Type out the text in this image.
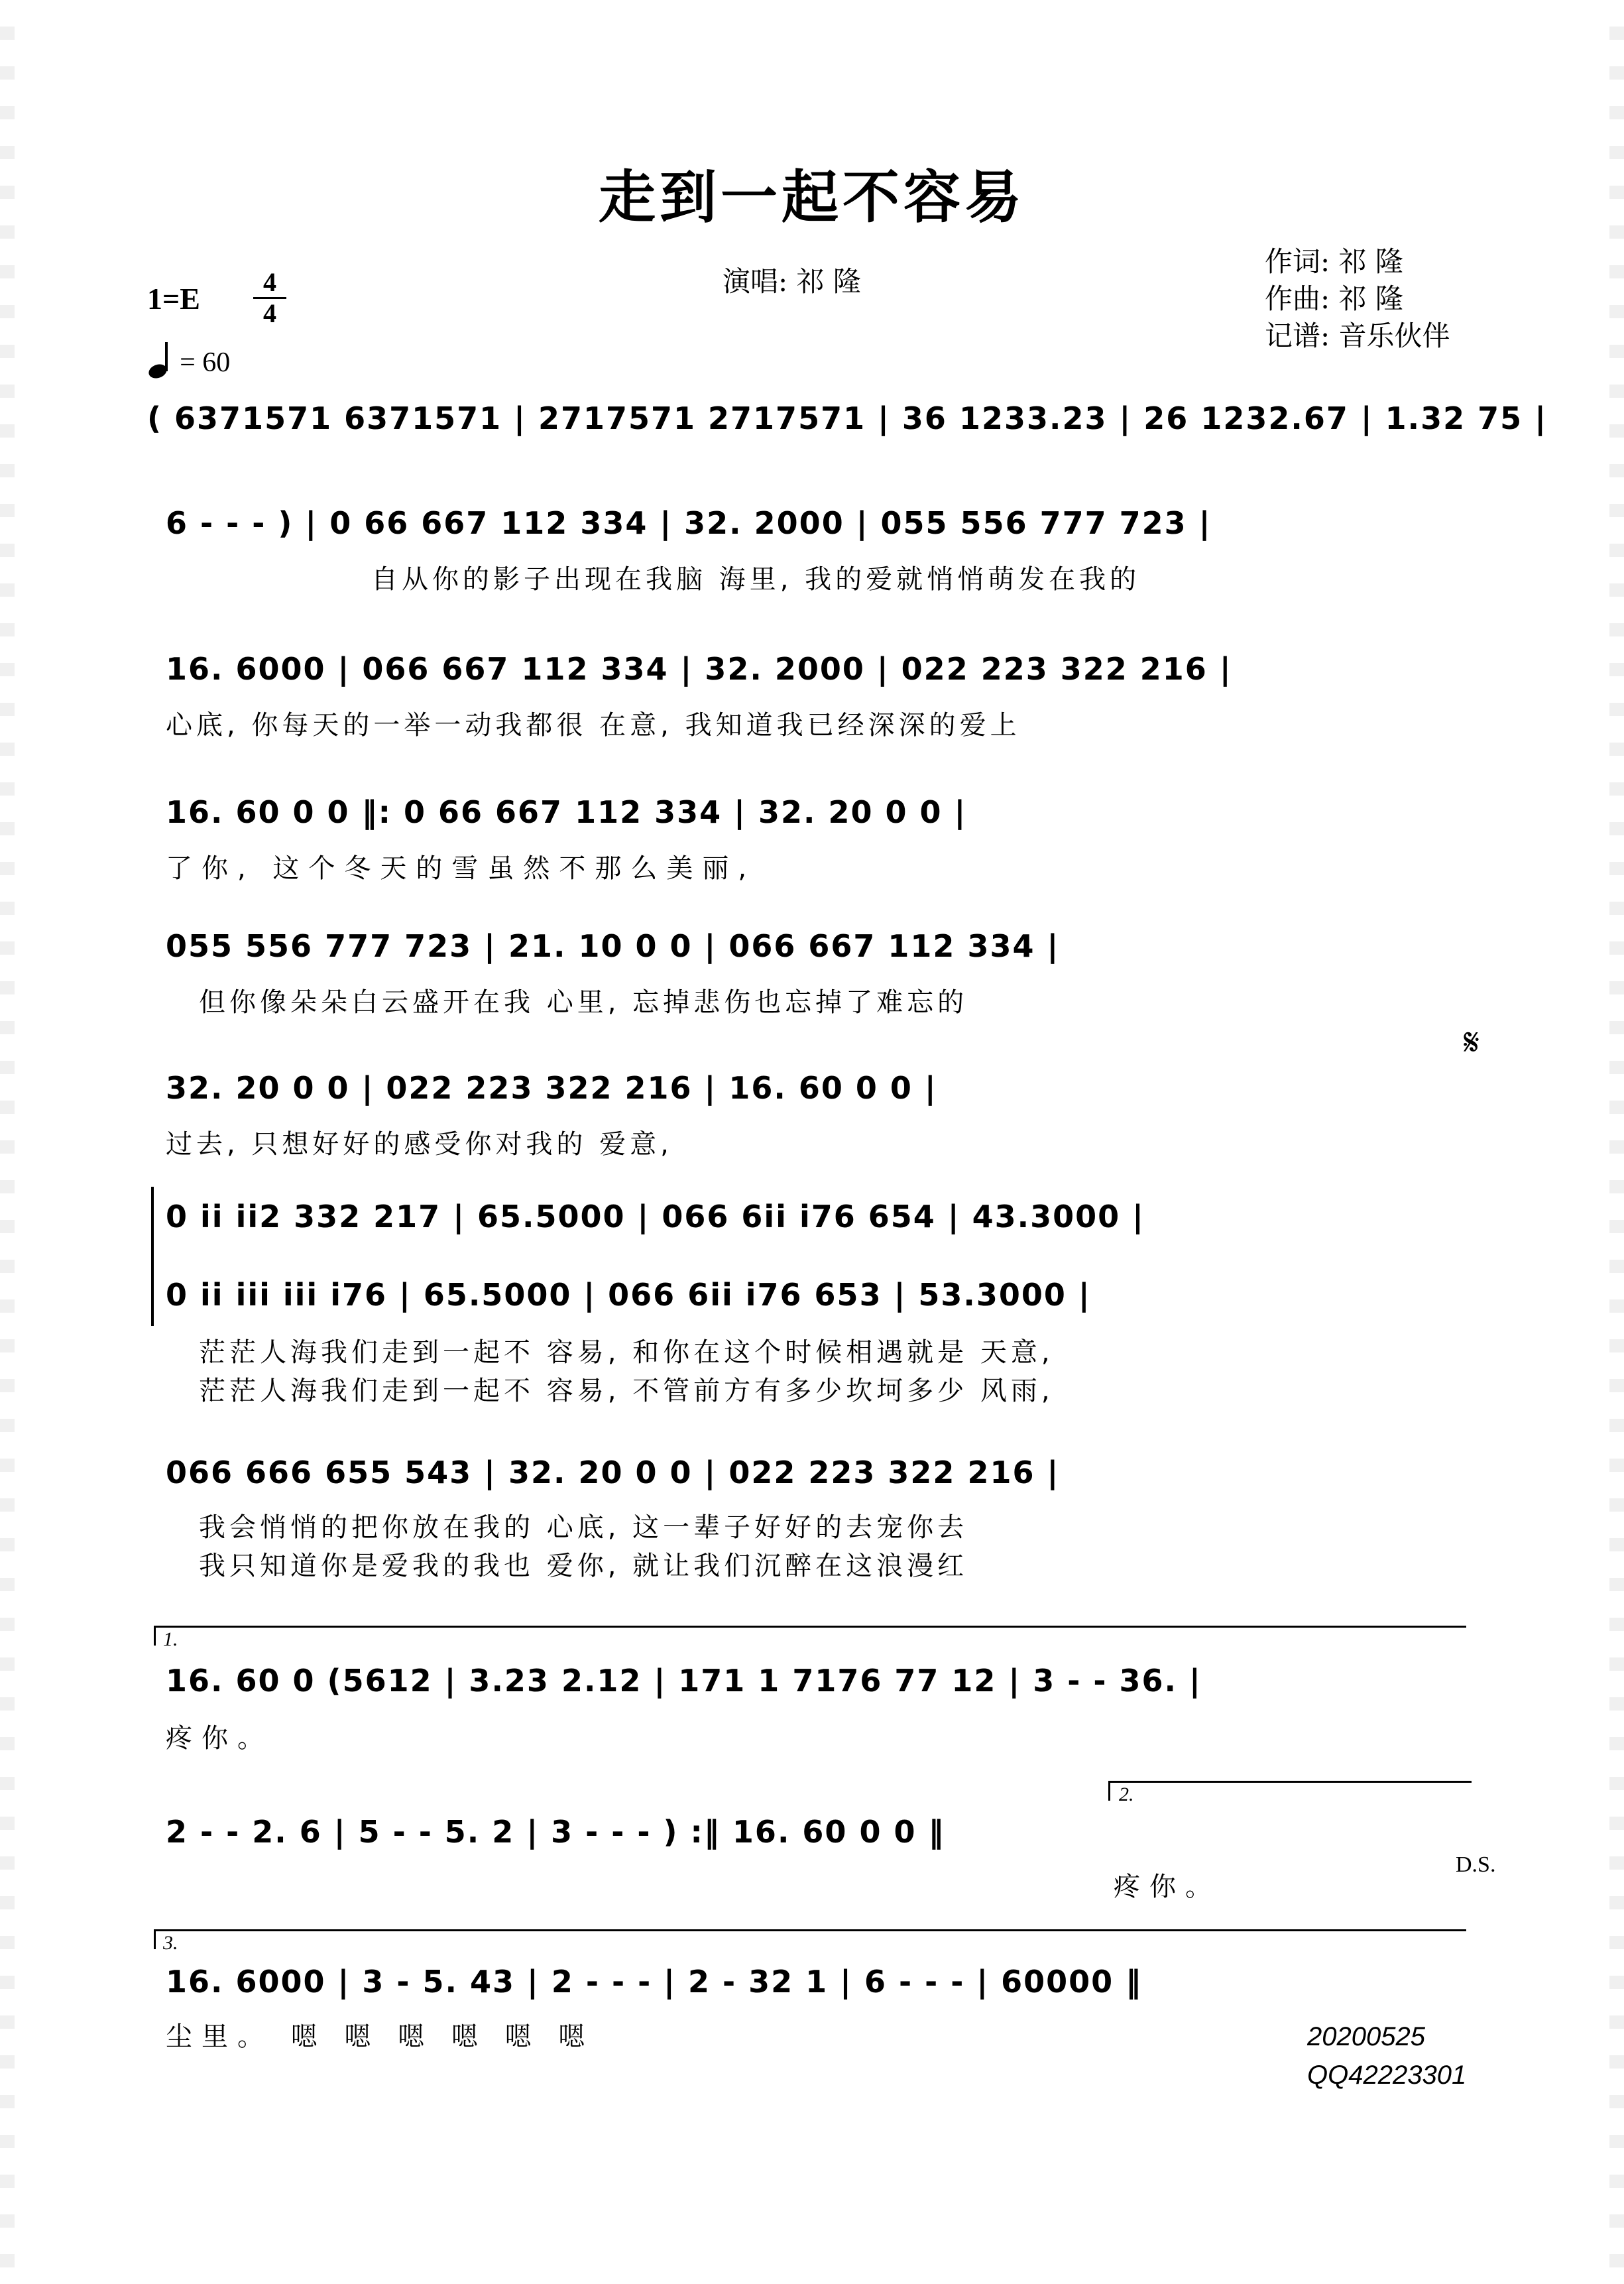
走到一起不容易
演唱: 祁 隆
作词: 祁 隆
作曲: 祁 隆
记谱: 音乐伙伴
1=E	4
4
= 60
( 6371571 6371571 | 2717571 2717571 | 36 1233.23 | 26 1232.67 | 1.32 75 |
6 - - - ) | 0 66 667 112 334 | 32. 2000 | 055 556 777 723 |
自从你的影子出现在我脑 海里, 我的爱就悄悄萌发在我的
16. 6000 | 066 667 112 334 | 32. 2000 | 022 223 322 216 |
心底, 你每天的一举一动我都很 在意, 我知道我已经深深的爱上
16. 60 0 0 ‖: 0 66 667 112 334 | 32. 20 0 0 |
了你, 这个冬天的雪虽然不那么美丽,
055 556 777 723 | 21. 10 0 0 | 066 667 112 334 |
但你像朵朵白云盛开在我 心里, 忘掉悲伤也忘掉了难忘的
𝄋
32. 20 0 0 | 022 223 322 216 | 16. 60 0 0 |
过去, 只想好好的感受你对我的 爱意,
0 ii ii2 332 217 | 65.5000 | 066 6ii i76 654 | 43.3000 |
0 ii iii iii i76 | 65.5000 | 066 6ii i76 653 | 53.3000 |
茫茫人海我们走到一起不 容易, 和你在这个时候相遇就是 天意,
茫茫人海我们走到一起不 容易, 不管前方有多少坎坷多少 风雨,
066 666 655 543 | 32. 20 0 0 | 022 223 322 216 |
我会悄悄的把你放在我的 心底, 这一辈子好好的去宠你去
我只知道你是爱我的我也 爱你, 就让我们沉醉在这浪漫红
1.
16. 60 0 (5612 | 3.23 2.12 | 171 1 7176 77 12 | 3 - - 36. |
疼你。
2.
2 - - 2. 6 | 5 - - 5. 2 | 3 - - - ) :‖ 16. 60 0 0 ‖
疼你。
D.S.
3.
16. 6000 | 3 - 5. 43 | 2 - - - | 2 - 32 1 | 6 - - - | 60000 ‖
尘里。 嗯 嗯 嗯 嗯 嗯 嗯	20200525
QQ42223301
